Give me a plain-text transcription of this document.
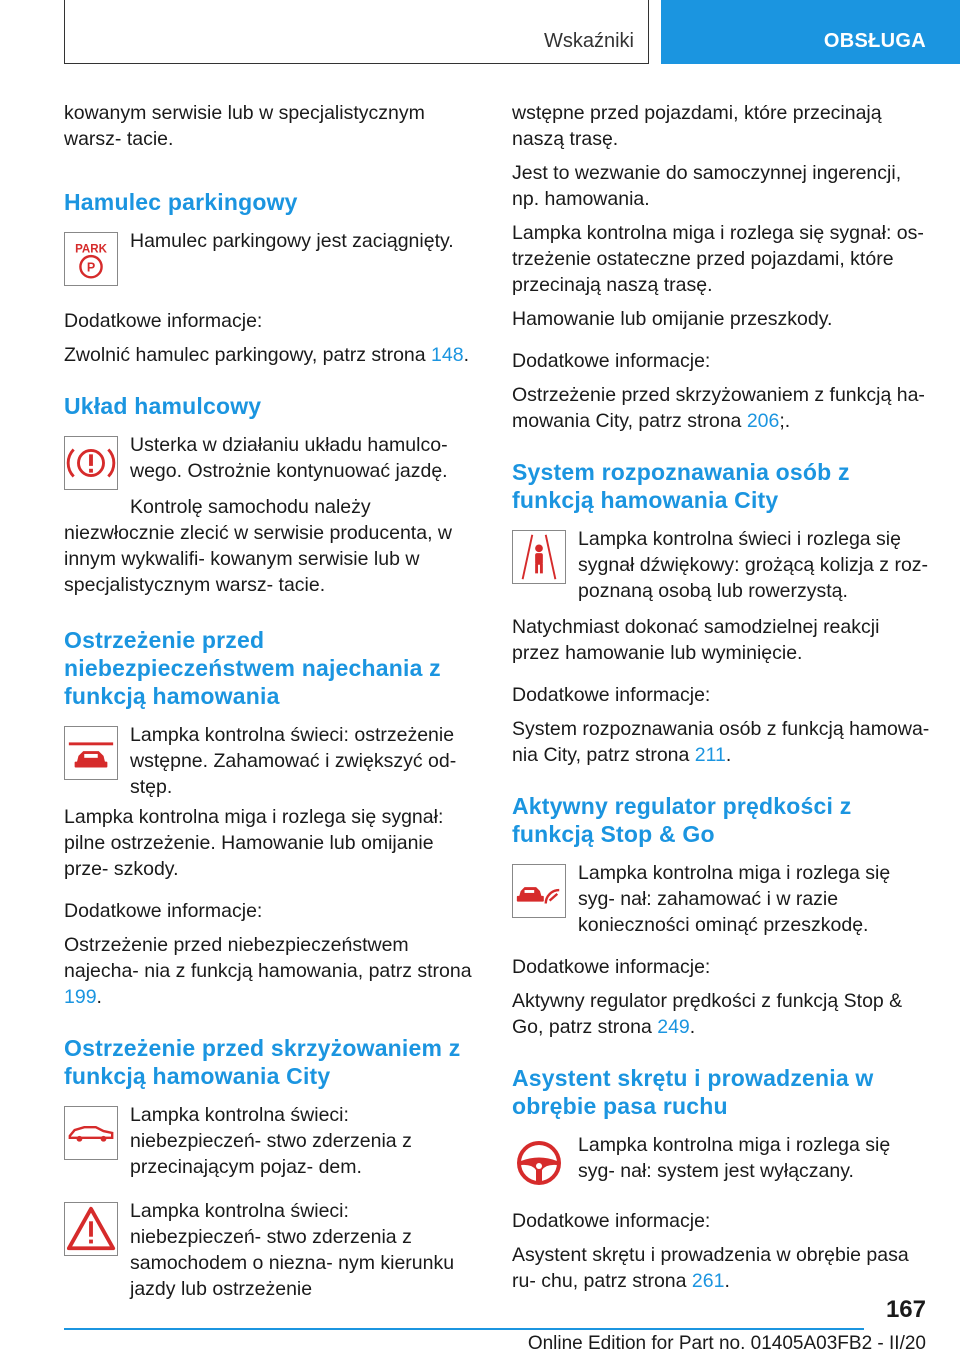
Wskaźniki	OBSŁUGA

kowanym serwisie lub w specjalistycznym warsz- tacie.

Hamulec parkingowy
PARK
P

Hamulec parkingowy jest zaciągnięty.

Dodatkowe informacje:

Zwolnić hamulec parkingowy, patrz strona 148.

Układ hamulcowy

Usterka w działaniu układu hamulco- wego. Ostrożnie kontynuować jazdę.

Kontrolę samochodu należy niezwłocznie zlecić w serwisie producenta, w innym wykwalifi- kowanym serwisie lub w specjalistycznym warsz- tacie.

Ostrzeżenie przed niebezpieczeństwem najechania z funkcją hamowania

Lampka kontrolna świeci: ostrzeżenie wstępne. Zahamować i zwiększyć od- stęp.

Lampka kontrolna miga i rozlega się sygnał: pilne ostrzeżenie. Hamowanie lub omijanie prze- szkody.

Dodatkowe informacje:

Ostrzeżenie przed niebezpieczeństwem najecha- nia z funkcją hamowania, patrz strona 199.

Ostrzeżenie przed skrzyżowaniem z funkcją hamowania City

Lampka kontrolna świeci: niebezpieczeń- stwo zderzenia z przecinającym pojaz- dem.

Lampka kontrolna świeci: niebezpieczeń- stwo zderzenia z samochodem o niezna- nym kierunku jazdy lub ostrzeżenie

wstępne przed pojazdami, które przecinają naszą trasę.

Jest to wezwanie do samoczynnej ingerencji, np. hamowania.

Lampka kontrolna miga i rozlega się sygnał: os- trzeżenie ostateczne przed pojazdami, które przecinają naszą trasę.

Hamowanie lub omijanie przeszkody.

Dodatkowe informacje:

Ostrzeżenie przed skrzyżowaniem z funkcją ha- mowania City, patrz strona 206;.

System rozpoznawania osób z funkcją hamowania City

Lampka kontrolna świeci i rozlega się sygnał dźwiękowy: grożącą kolizja z roz- poznaną osobą lub rowerzystą.

Natychmiast dokonać samodzielnej reakcji przez hamowanie lub wyminięcie.

Dodatkowe informacje:

System rozpoznawania osób z funkcją hamowa- nia City, patrz strona 211.

Aktywny regulator prędkości z funkcją Stop & Go

Lampka kontrolna miga i rozlega się syg- nał: zahamować i w razie konieczności ominąć przeszkodę.

Dodatkowe informacje:

Aktywny regulator prędkości z funkcją Stop & Go, patrz strona 249.

Asystent skrętu i prowadzenia w obrębie pasa ruchu

Lampka kontrolna miga i rozlega się syg- nał: system jest wyłączany.

Dodatkowe informacje:

Asystent skrętu i prowadzenia w obrębie pasa ru- chu, patrz strona 261.

167
Online Edition for Part no. 01405A03FB2 - II/20
